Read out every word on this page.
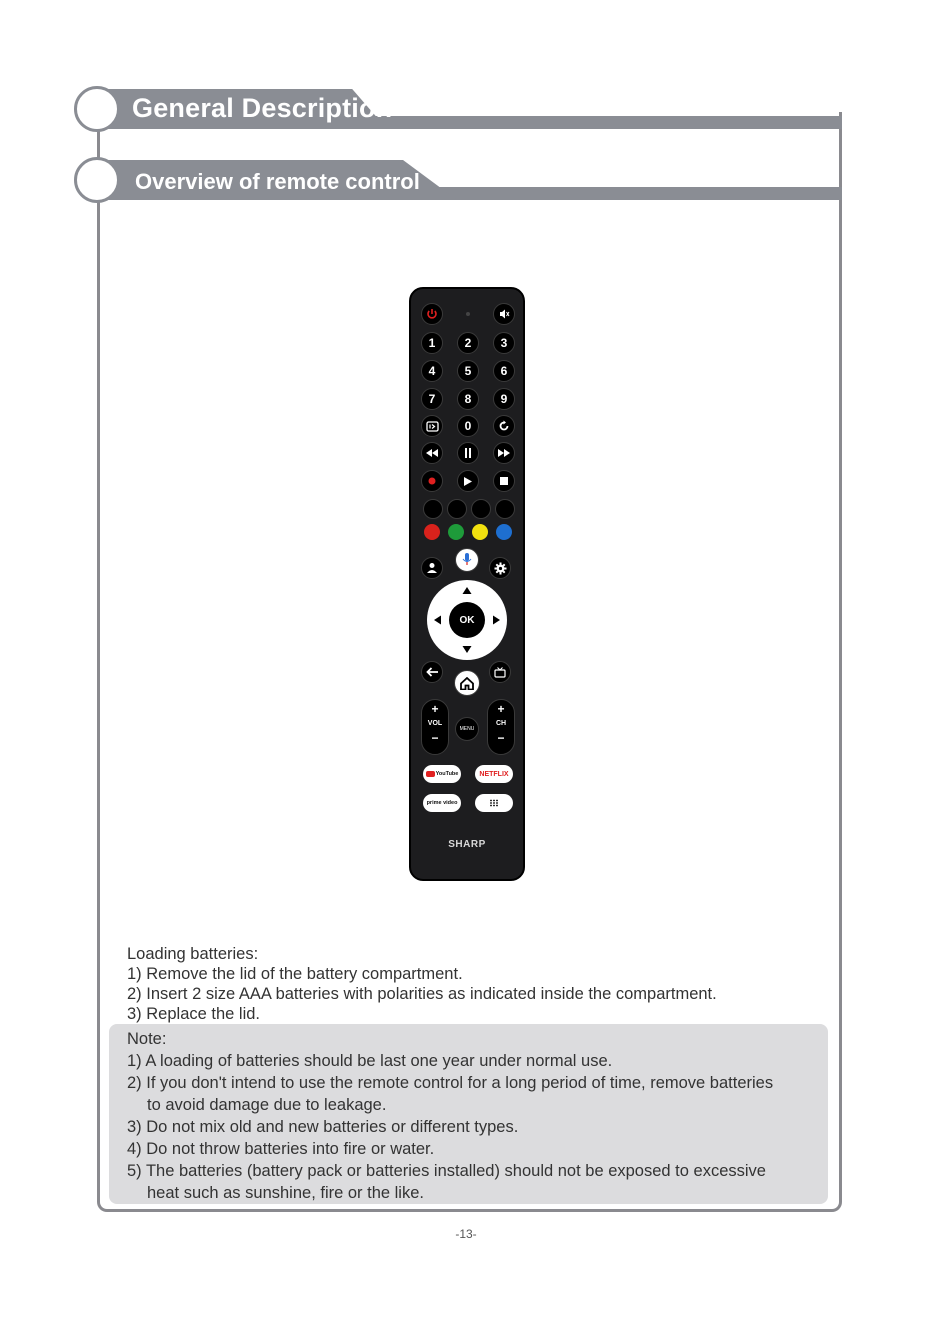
General Description
Overview of remote control
1	2	3
4	5	6
7	8	9
0
OK
+
VOL
−
MENU
+
CH
−
YouTube	NETFLIX
prime video
SHARP
Loading batteries:
1) Remove the lid of the battery compartment.
2) Insert 2 size AAA batteries with polarities as indicated inside the compartment.
3) Replace the lid.
Note:
1) A loading of batteries should be last one year under normal use.
2) If you don't intend to use the remote control for a long period of time, remove batteries
to avoid damage due to leakage.
3) Do not mix old and new batteries or different types.
4) Do not throw batteries into fire or water.
5) The batteries (battery pack or batteries installed) should not be exposed to excessive
heat such as sunshine, fire or the like.
-13-
